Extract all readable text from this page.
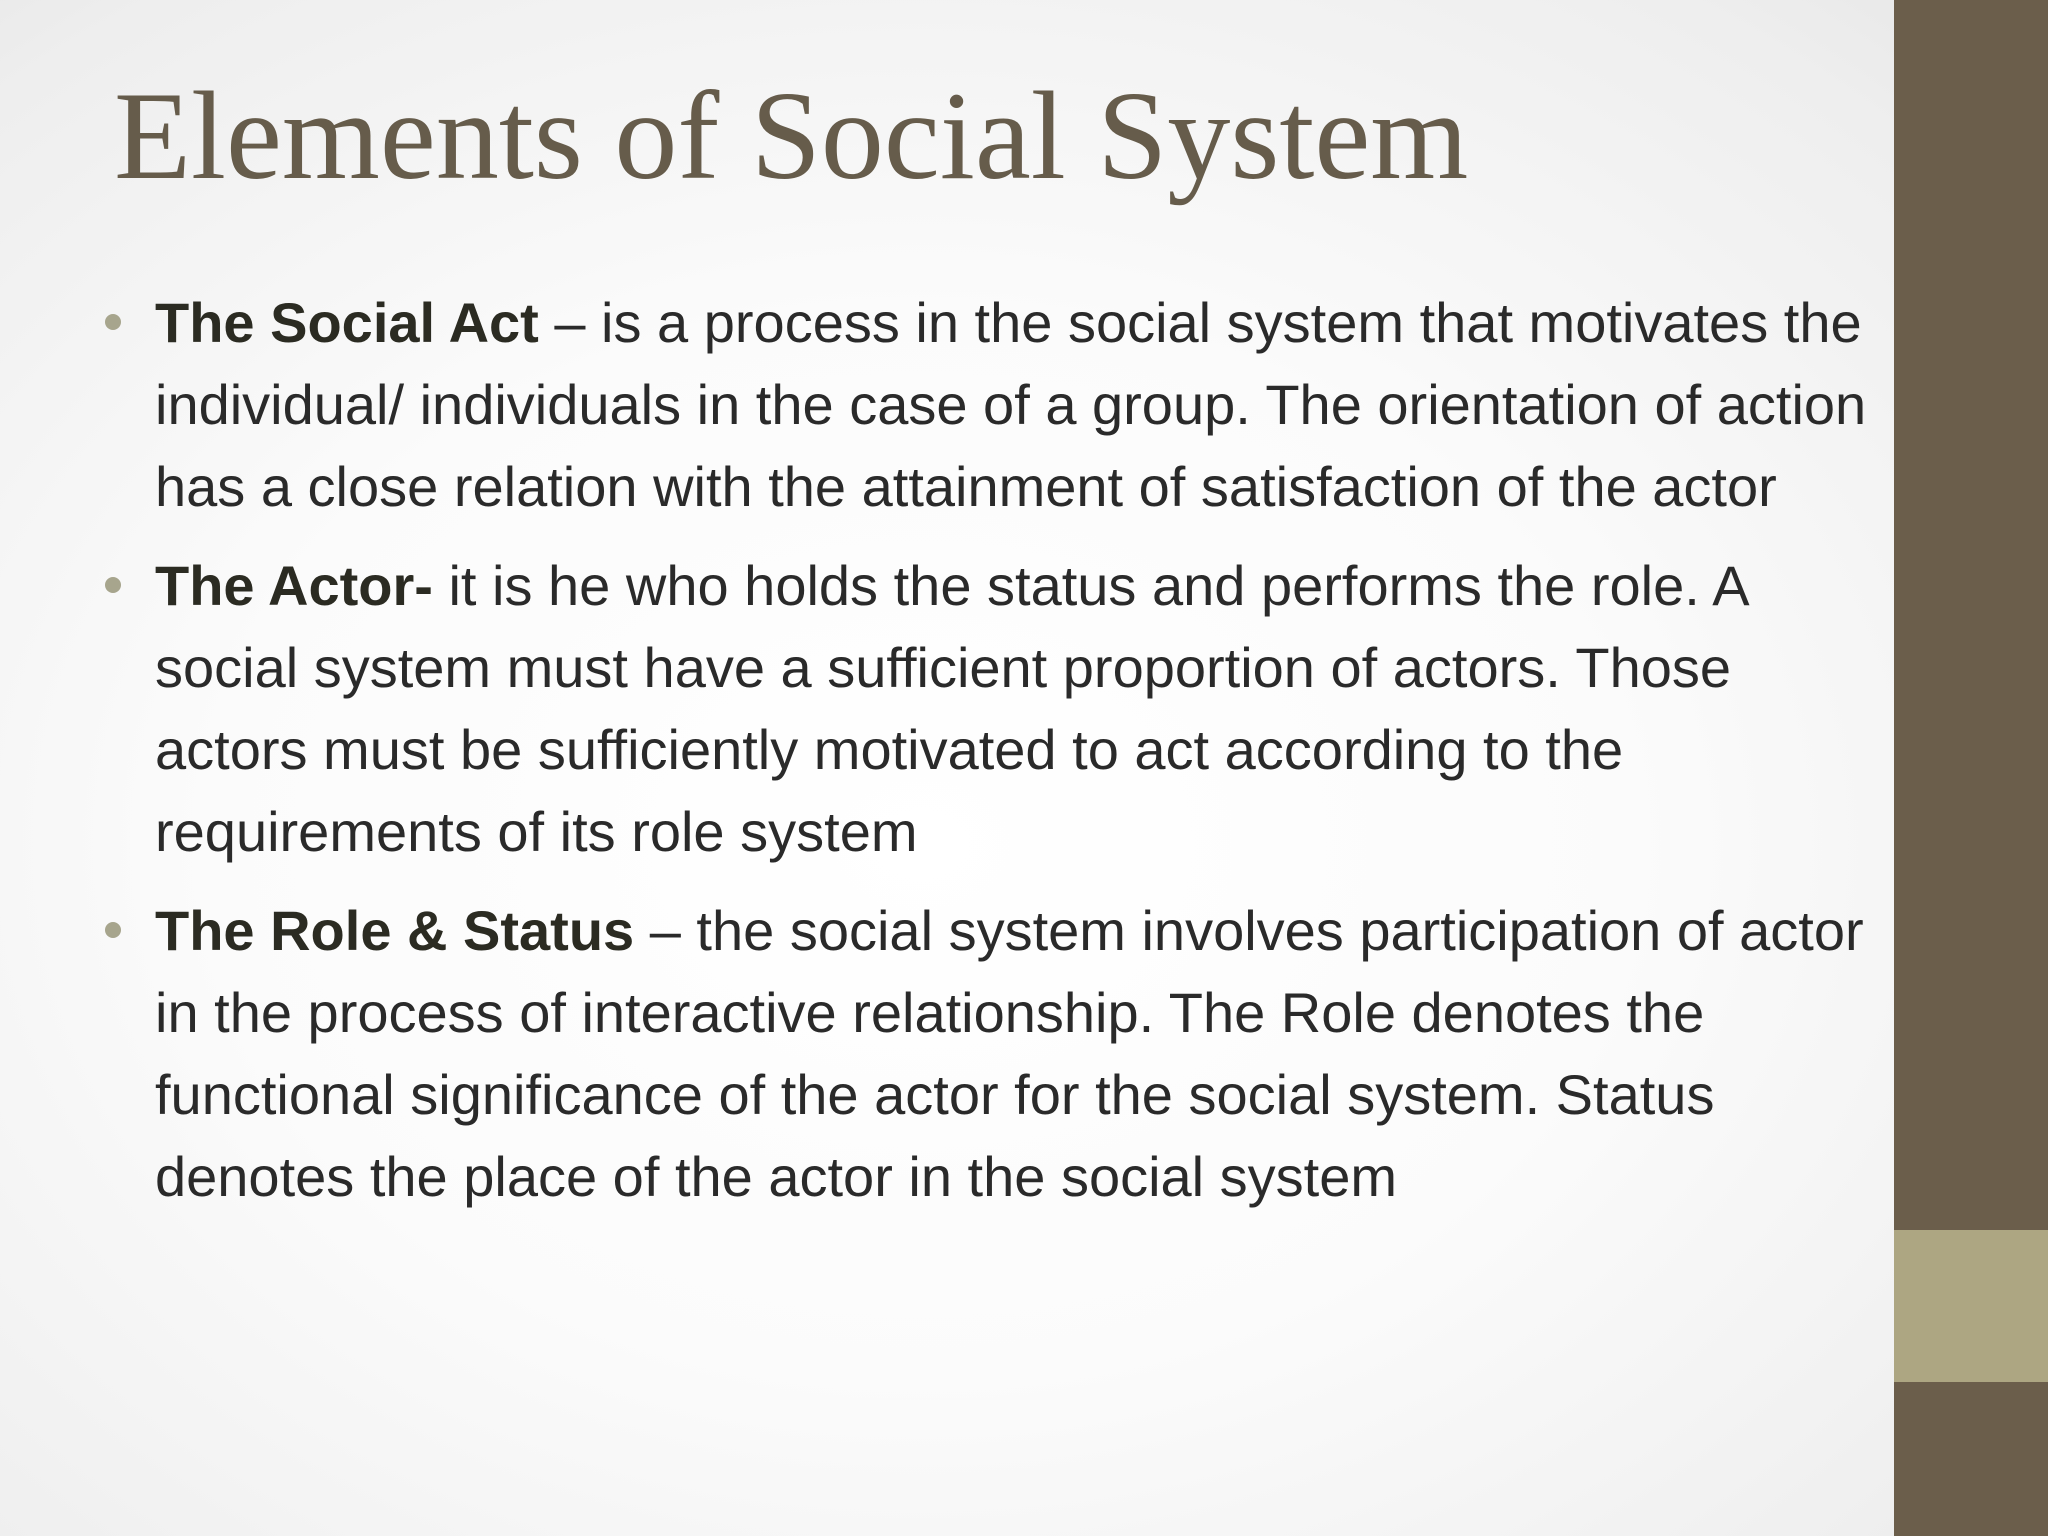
Elements of Social System
The Social Act – is a process in the social system that motivates the individual/ individuals in the case of a group. The orientation of action has a close relation with the attainment of satisfaction of the actor
The Actor- it is he who holds the status and performs the role. A social system must have a sufficient proportion of actors. Those actors must be sufficiently motivated to act according to the requirements of its role system
The Role & Status – the social system involves participation of actor in the process of interactive relationship. The Role denotes the functional significance of the actor for the social system. Status denotes the place of the actor in the social system
